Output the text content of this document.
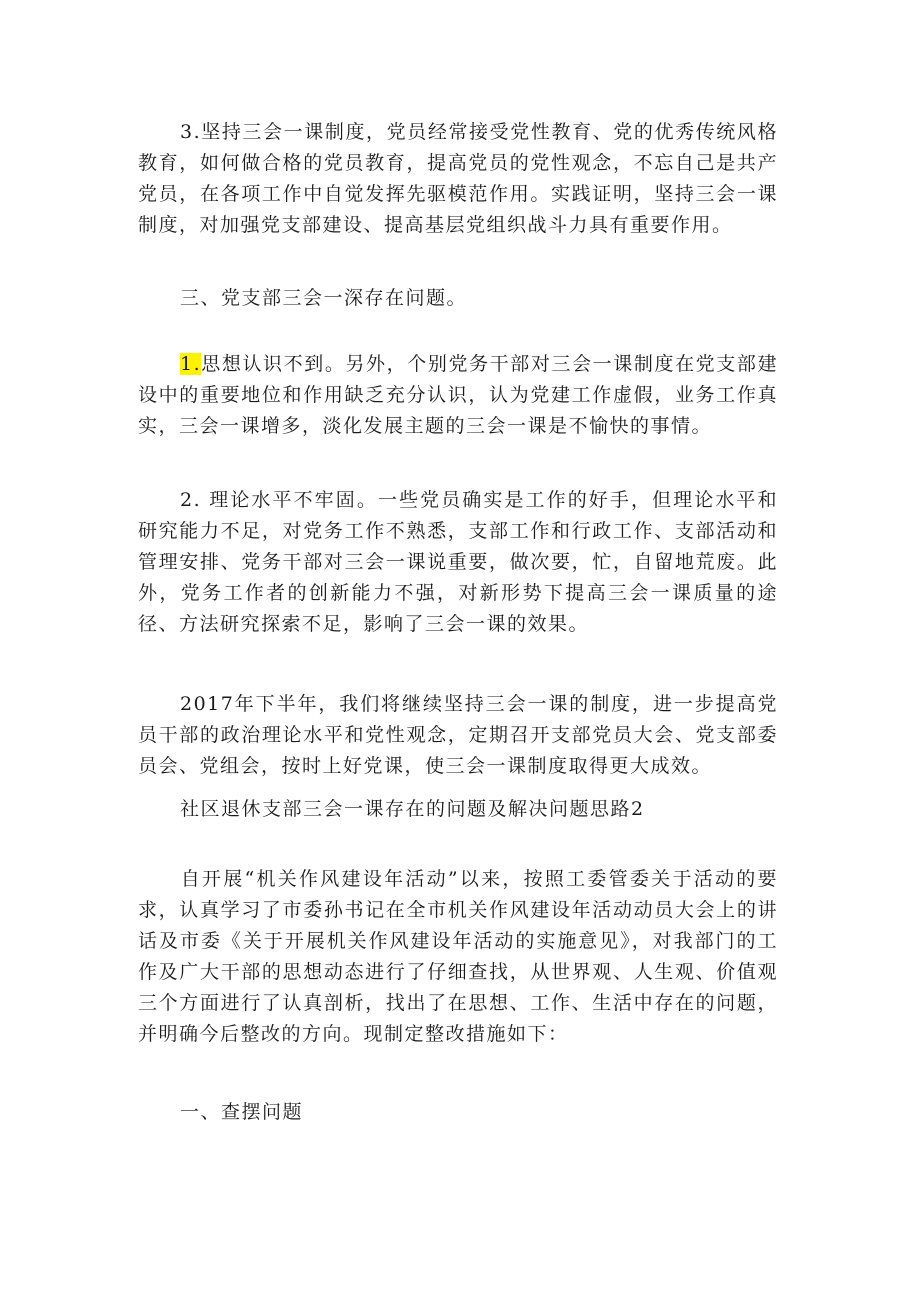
3.坚持三会一课制度，党员经常接受党性教育、党的优秀传统风格教育，如何做合格的党员教育，提高党员的党性观念，不忘自己是共产党员，在各项工作中自觉发挥先驱模范作用。实践证明，坚持三会一课制度，对加强党支部建设、提高基层党组织战斗力具有重要作用。

三、党支部三会一深存在问题。

1.思想认识不到。另外，个别党务干部对三会一课制度在党支部建设中的重要地位和作用缺乏充分认识，认为党建工作虚假，业务工作真实，三会一课增多，淡化发展主题的三会一课是不愉快的事情。

2. 理论水平不牢固。一些党员确实是工作的好手，但理论水平和研究能力不足，对党务工作不熟悉，支部工作和行政工作、支部活动和管理安排、党务干部对三会一课说重要，做次要，忙，自留地荒废。此外，党务工作者的创新能力不强，对新形势下提高三会一课质量的途径、方法研究探索不足，影响了三会一课的效果。

2017年下半年，我们将继续坚持三会一课的制度，进一步提高党员干部的政治理论水平和党性观念，定期召开支部党员大会、党支部委员会、党组会，按时上好党课，使三会一课制度取得更大成效。

社区退休支部三会一课存在的问题及解决问题思路2

自开展“机关作风建设年活动”以来，按照工委管委关于活动的要求，认真学习了市委孙书记在全市机关作风建设年活动动员大会上的讲话及市委《关于开展机关作风建设年活动的实施意见》，对我部门的工作及广大干部的思想动态进行了仔细查找，从世界观、人生观、价值观三个方面进行了认真剖析，找出了在思想、工作、生活中存在的问题，并明确今后整改的方向。现制定整改措施如下：

一、查摆问题
